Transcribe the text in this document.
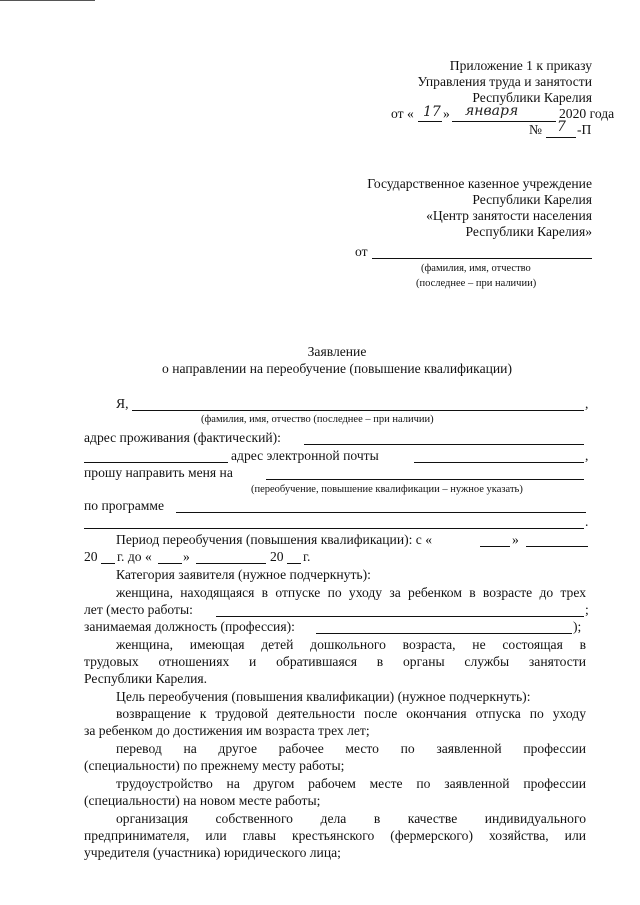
Приложение 1 к приказу
Управления труда и занятости
Республики Карелия
от « 17 » января	2020 года
№ 7 -П
Государственное казенное учреждение
Республики Карелия
«Центр занятости населения
Республики Карелия»
от
(фамилия, имя, отчество
(последнее – при наличии)
Заявление
о направлении на переобучение (повышение квалификации)
Я,	,
(фамилия, имя, отчество (последнее – при наличии)
адрес проживания (фактический):
адрес электронной почты	,
прошу направить меня на
(переобучение, повышение квалификации – нужное указать)
по программе
.
Период переобучения (повышения квалификации): с «	»
20 г. до « »	20 г.
Категория заявителя (нужное подчеркнуть):
женщина, находящаяся в отпуске по уходу за ребенком в возрасте до трех
лет (место работы:	;
занимаемая должность (профессия):	);
женщина, имеющая детей дошкольного возраста, не состоящая в
трудовых отношениях и обратившаяся в органы службы занятости
Республики Карелия.
Цель переобучения (повышения квалификации) (нужное подчеркнуть):
возвращение к трудовой деятельности после окончания отпуска по уходу
за ребенком до достижения им возраста трех лет;
перевод на другое рабочее место по заявленной профессии
(специальности) по прежнему месту работы;
трудоустройство на другом рабочем месте по заявленной профессии
(специальности) на новом месте работы;
организация собственного дела в качестве индивидуального
предпринимателя, или главы крестьянского (фермерского) хозяйства, или
учредителя (участника) юридического лица;
